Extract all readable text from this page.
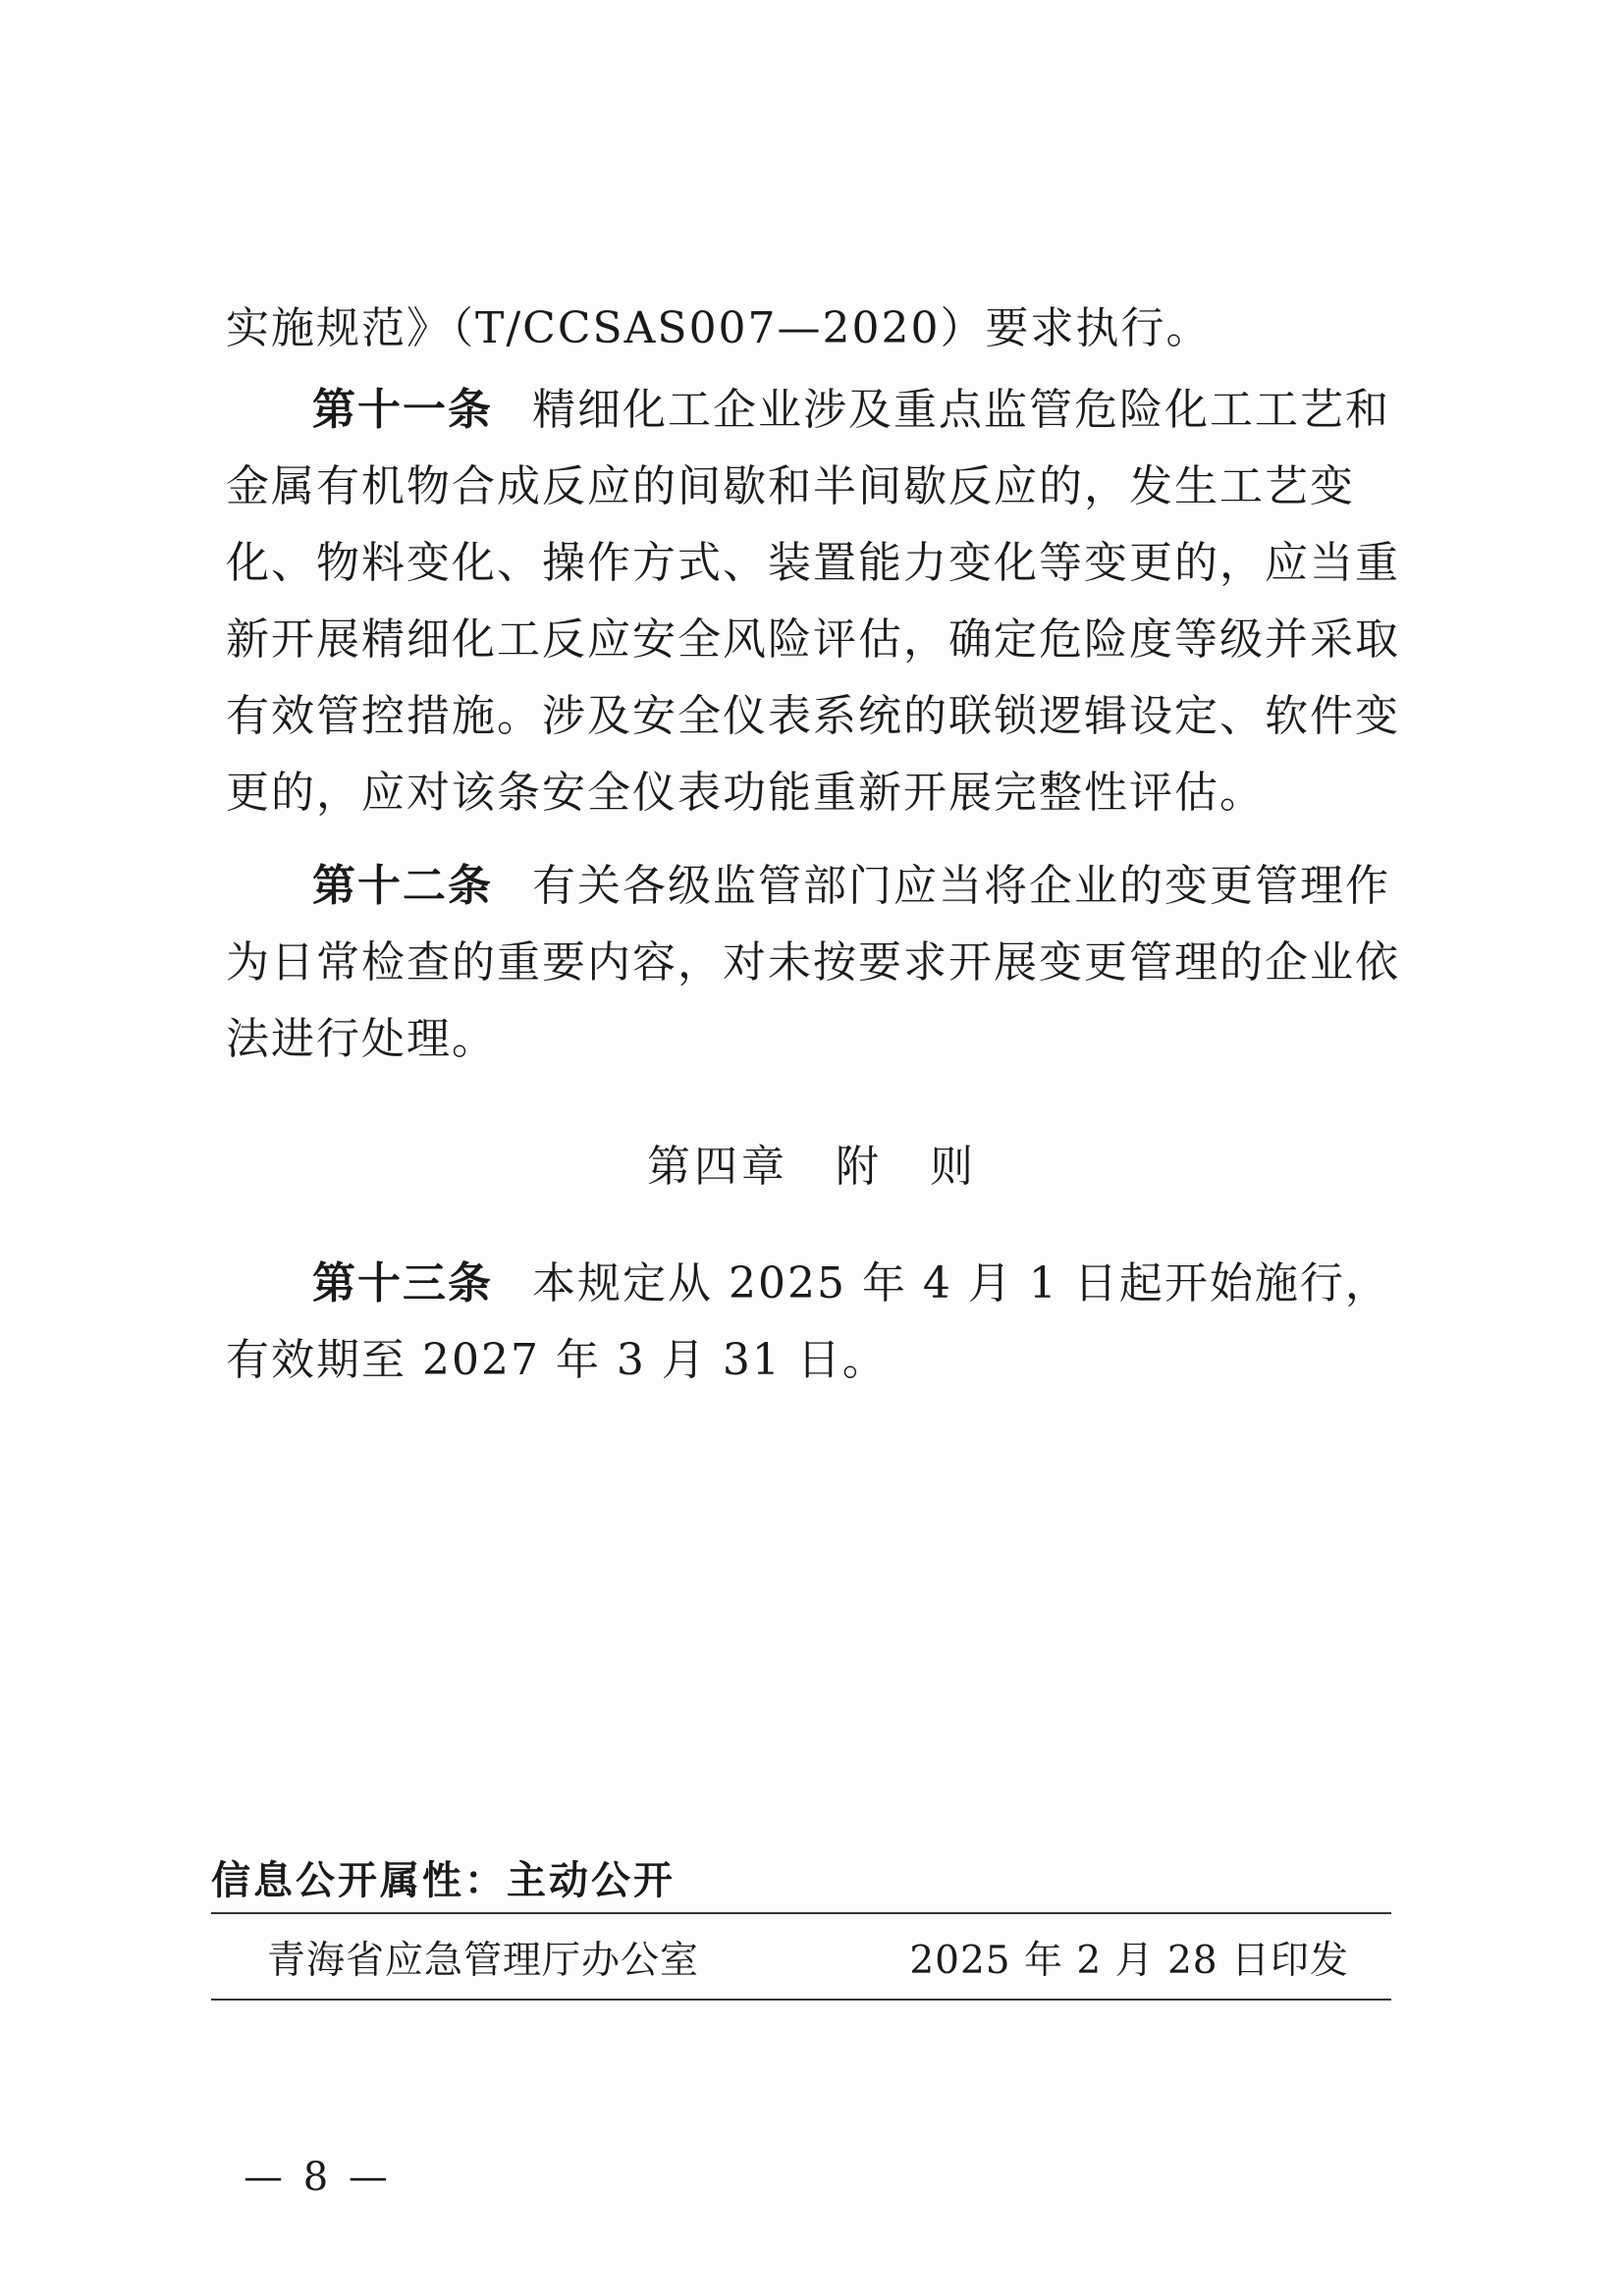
实施规范》（T/CCSAS007—2020）要求执行。

第十一条 精细化工企业涉及重点监管危险化工工艺和金属有机物合成反应的间歇和半间歇反应的，发生工艺变化、物料变化、操作方式、装置能力变化等变更的，应当重新开展精细化工反应安全风险评估，确定危险度等级并采取有效管控措施。涉及安全仪表系统的联锁逻辑设定、软件变更的，应对该条安全仪表功能重新开展完整性评估。

第十二条 有关各级监管部门应当将企业的变更管理作为日常检查的重要内容，对未按要求开展变更管理的企业依法进行处理。

第四章　附　则

第十三条 本规定从 2025 年 4 月 1 日起开始施行，有效期至 2027 年 3 月 31 日。

信息公开属性：主动公开
青海省应急管理厅办公室	2025 年 2 月 28 日印发
— 8 —
